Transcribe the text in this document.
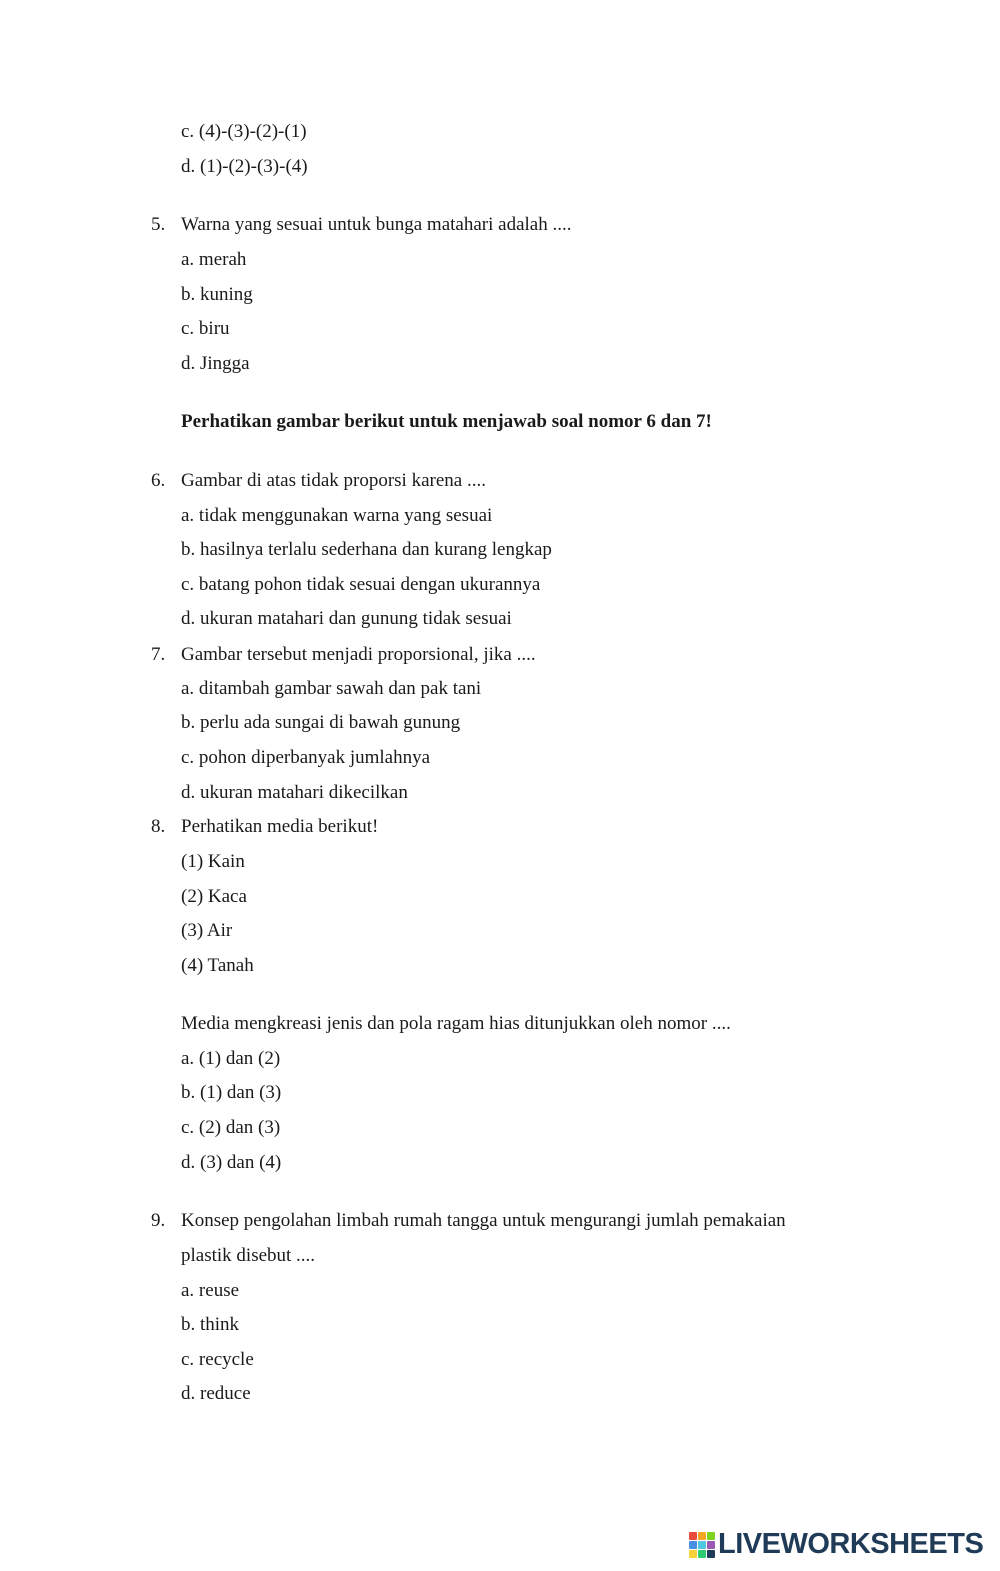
c. (4)-(3)-(2)-(1)
d. (1)-(2)-(3)-(4)
5. Warna yang sesuai untuk bunga matahari adalah ....
a. merah
b. kuning
c. biru
d. Jingga
Perhatikan gambar berikut untuk menjawab soal nomor 6 dan 7!
6. Gambar di atas tidak proporsi karena ....
a. tidak menggunakan warna yang sesuai
b. hasilnya terlalu sederhana dan kurang lengkap
c. batang pohon tidak sesuai dengan ukurannya
d. ukuran matahari dan gunung tidak sesuai
7. Gambar tersebut menjadi proporsional, jika ....
a. ditambah gambar sawah dan pak tani
b. perlu ada sungai di bawah gunung
c. pohon diperbanyak jumlahnya
d. ukuran matahari dikecilkan
8. Perhatikan media berikut!
(1) Kain
(2) Kaca
(3) Air
(4) Tanah
Media mengkreasi jenis dan pola ragam hias ditunjukkan oleh nomor ....
a. (1) dan (2)
b. (1) dan (3)
c. (2) dan (3)
d. (3) dan (4)
9. Konsep pengolahan limbah rumah tangga untuk mengurangi jumlah pemakaian
plastik disebut ....
a. reuse
b. think
c. recycle
d. reduce
LIVEWORKSHEETS
